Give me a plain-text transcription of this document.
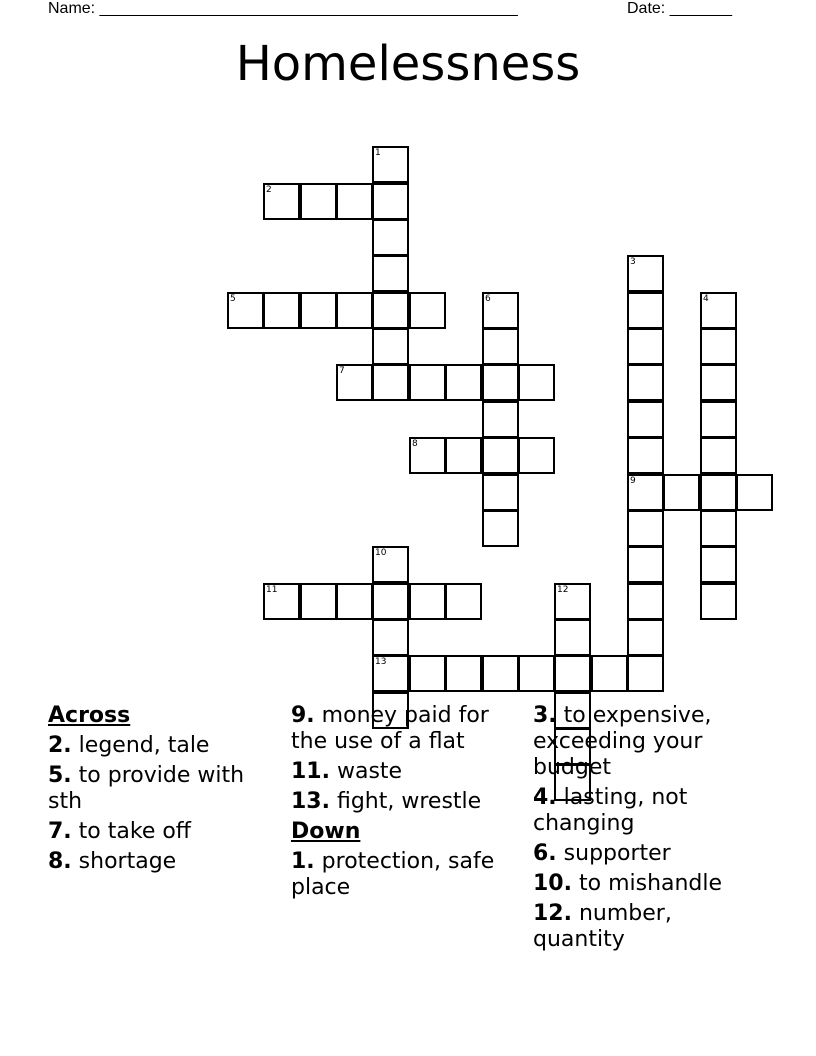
Name: _______________________________________________	Date: _______
Homelessness
1
2
5	6
7
8
3
4
9
10
11	12
13
Across
2. legend, tale
5. to provide with sth
7. to take off
8. shortage
9. money paid for the use of a flat
11. waste
13. fight, wrestle
Down
1. protection, safe place
3. to expensive, exceeding your budget
4. lasting, not changing
6. supporter
10. to mishandle
12. number, quantity
